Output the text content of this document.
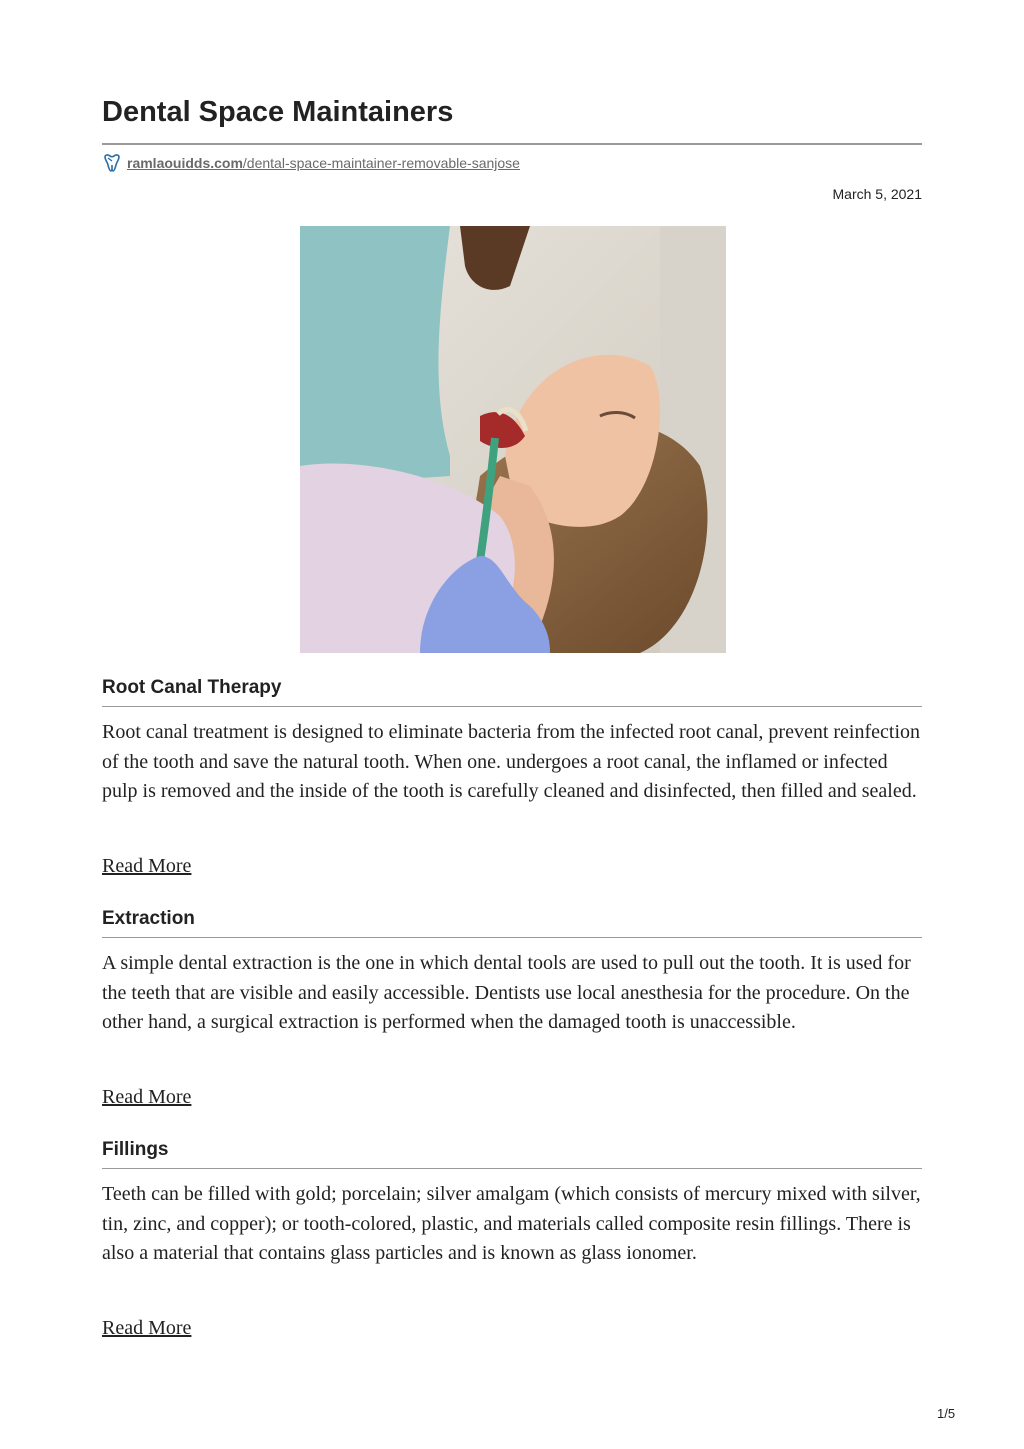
Dental Space Maintainers
ramlaouidds.com/dental-space-maintainer-removable-sanjose
March 5, 2021
Root Canal Therapy

Root canal treatment is designed to eliminate bacteria from the infected root canal, prevent reinfection of the tooth and save the natural tooth. When one. undergoes a root canal, the inflamed or infected pulp is removed and the inside of the tooth is carefully cleaned and disinfected, then filled and sealed.

Read More
Extraction

A simple dental extraction is the one in which dental tools are used to pull out the tooth. It is used for the teeth that are visible and easily accessible. Dentists use local anesthesia for the procedure. On the other hand, a surgical extraction is performed when the damaged tooth is unaccessible.

Read More
Fillings

Teeth can be filled with gold; porcelain; silver amalgam (which consists of mercury mixed with silver, tin, zinc, and copper); or tooth-colored, plastic, and materials called composite resin fillings. There is also a material that contains glass particles and is known as glass ionomer.

Read More
1/5
